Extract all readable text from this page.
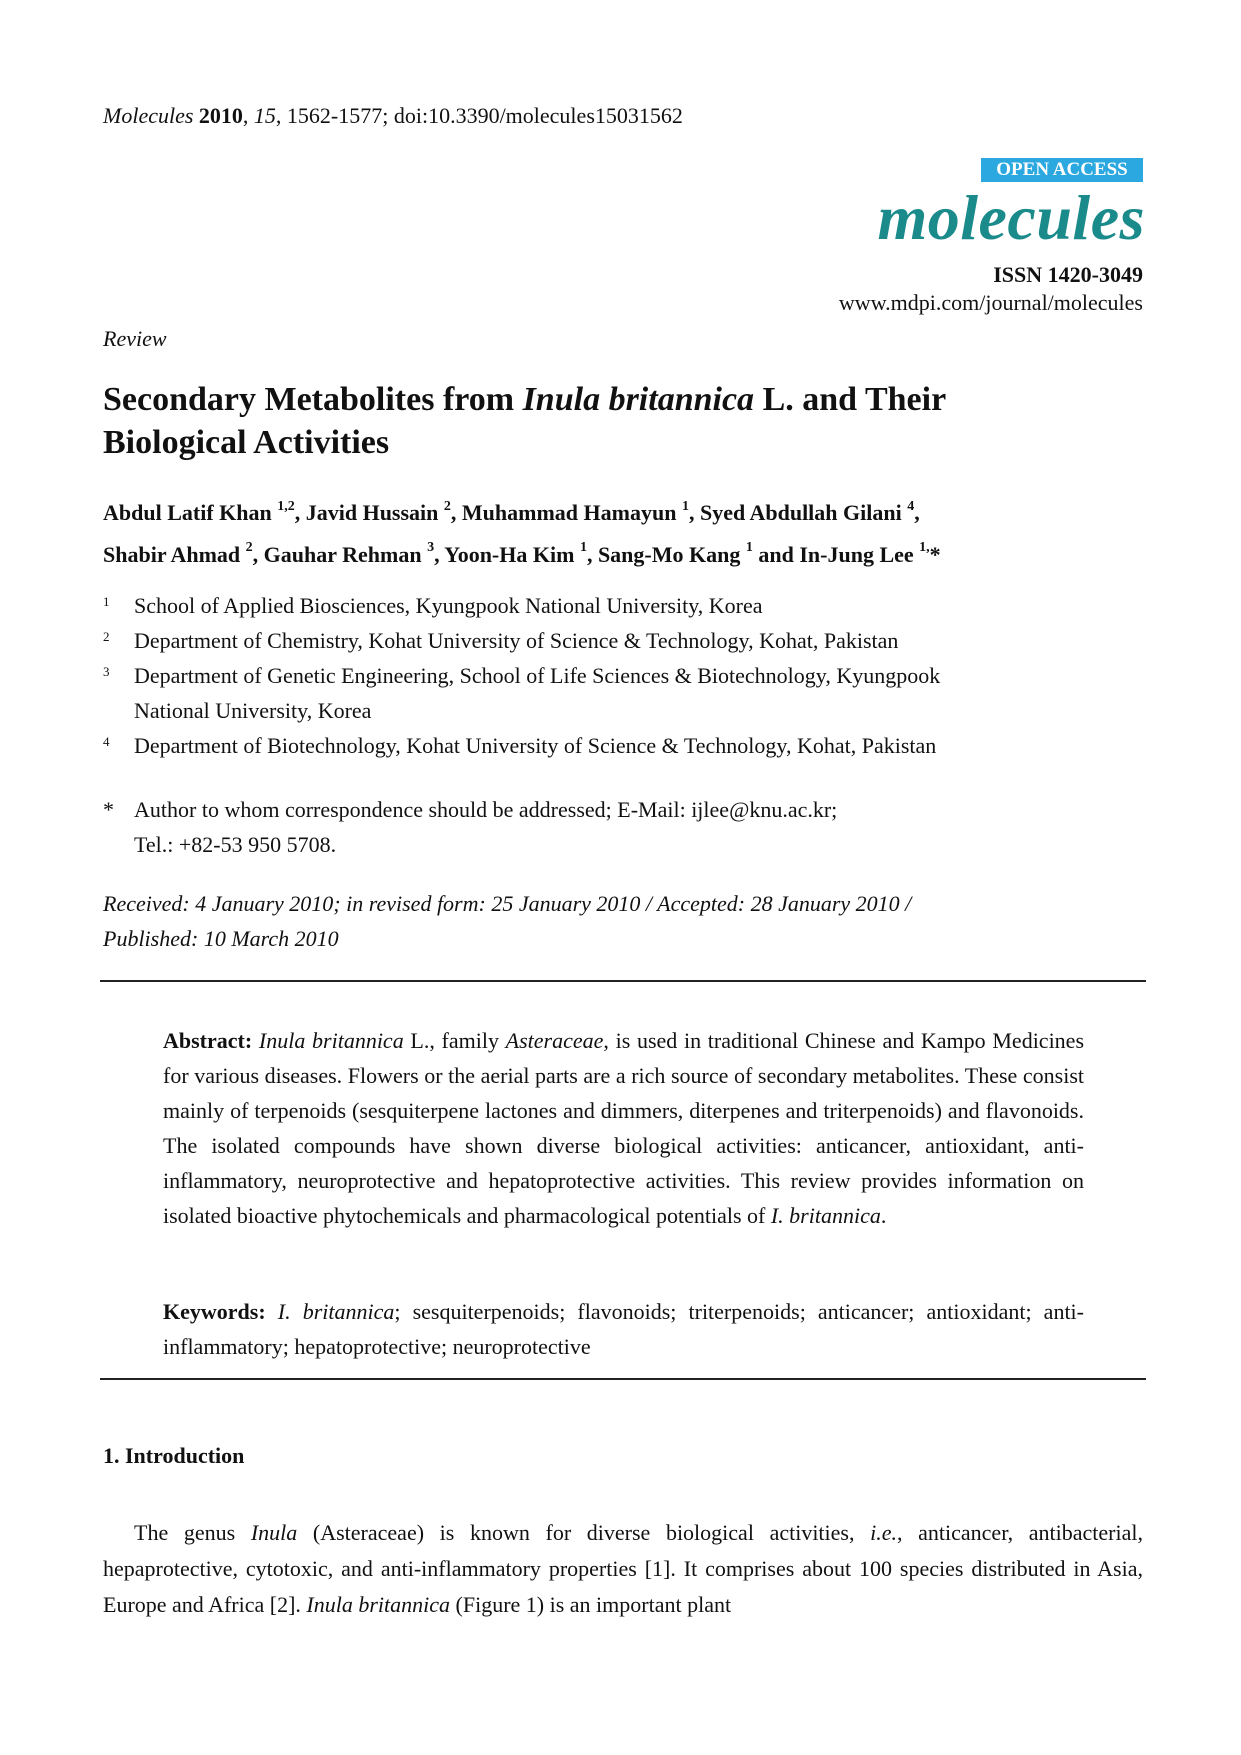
Molecules 2010, 15, 1562-1577; doi:10.3390/molecules15031562
OPEN ACCESS
molecules
ISSN 1420-3049
www.mdpi.com/journal/molecules
Review
Secondary Metabolites from Inula britannica L. and Their
Biological Activities
Abdul Latif Khan $^{1,2}$, Javid Hussain $^2$, Muhammad Hamayun $^1$, Syed Abdullah Gilani $^4$,
Shabir Ahmad $^2$, Gauhar Rehman $^3$, Yoon-Ha Kim $^1$, Sang-Mo Kang $^1$ and In-Jung Lee $^{1,}$*
1 School of Applied Biosciences, Kyungpook National University, Korea
2 Department of Chemistry, Kohat University of Science & Technology, Kohat, Pakistan
3 Department of Genetic Engineering, School of Life Sciences & Biotechnology, Kyungpook
National University, Korea
4 Department of Biotechnology, Kohat University of Science & Technology, Kohat, Pakistan
* Author to whom correspondence should be addressed; E-Mail: ijlee@knu.ac.kr;
Tel.: +82-53 950 5708.
Received: 4 January 2010; in revised form: 25 January 2010 / Accepted: 28 January 2010 /
Published: 10 March 2010
Abstract: Inula britannica L., family Asteraceae, is used in traditional Chinese and Kampo Medicines for various diseases. Flowers or the aerial parts are a rich source of secondary metabolites. These consist mainly of terpenoids (sesquiterpene lactones and dimmers, diterpenes and triterpenoids) and flavonoids. The isolated compounds have shown diverse biological activities: anticancer, antioxidant, anti-inflammatory, neuroprotective and hepatoprotective activities. This review provides information on isolated bioactive phytochemicals and pharmacological potentials of I. britannica.
Keywords: I. britannica; sesquiterpenoids; flavonoids; triterpenoids; anticancer; antioxidant; anti-inflammatory; hepatoprotective; neuroprotective
1. Introduction
The genus Inula (Asteraceae) is known for diverse biological activities, i.e., anticancer, antibacterial, hepaprotective, cytotoxic, and anti-inflammatory properties [1]. It comprises about 100 species distributed in Asia, Europe and Africa [2]. Inula britannica (Figure 1) is an important plant
